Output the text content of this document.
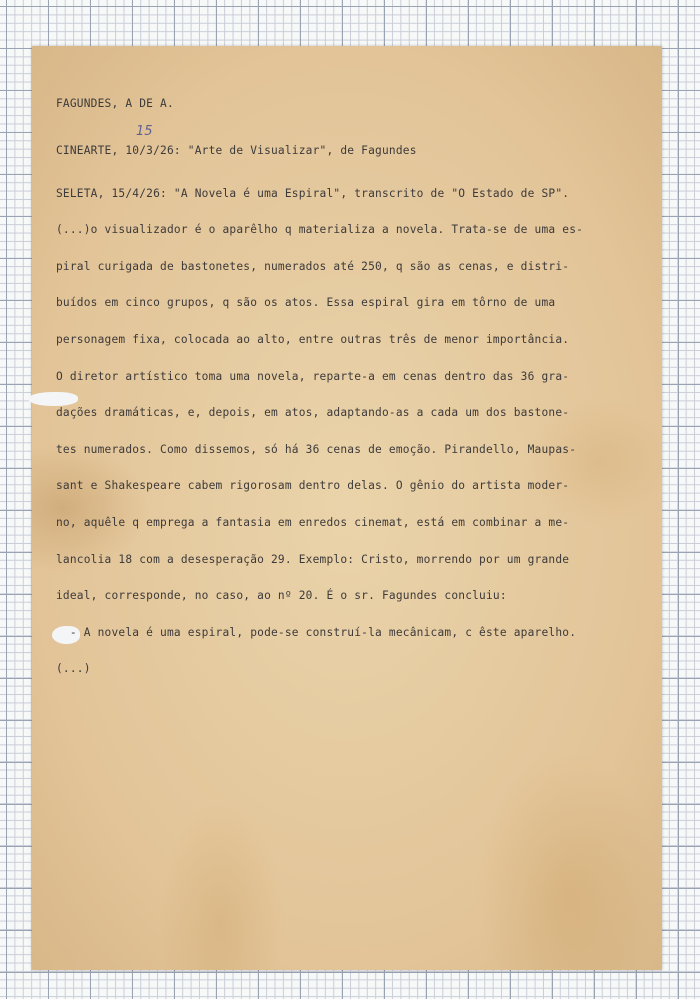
FAGUNDES, A DE A.

CINEARTE, 10/3/26: "Arte de Visualizar", de Fagundes

SELETA, 15/4/26: "A Novela é uma Espiral", transcrito de "O Estado de SP".

(...)o visualizador é o aparêlho q materializa a novela. Trata-se de uma es-

piral curigada de bastonetes, numerados até 250, q são as cenas, e distri-

buídos em cinco grupos, q são os atos. Essa espiral gira em tôrno de uma

personagem fixa, colocada ao alto, entre outras três de menor importância.

O diretor artístico toma uma novela, reparte-a em cenas dentro das 36 gra-

dações dramáticas, e, depois, em atos, adaptando-as a cada um dos bastone-

tes numerados. Como dissemos, só há 36 cenas de emoção. Pirandello, Maupas-

sant e Shakespeare cabem rigorosam dentro delas. O gênio do artista moder-

no, aquêle q emprega a fantasia em enredos cinemat, está em combinar a me-

lancolia 18 com a desesperação 29. Exemplo: Cristo, morrendo por um grande

ideal, corresponde, no caso, ao nº 20. É o sr. Fagundes concluiu:

- A novela é uma espiral, pode-se construí-la mecânicam, c êste aparelho.

(...)

15
